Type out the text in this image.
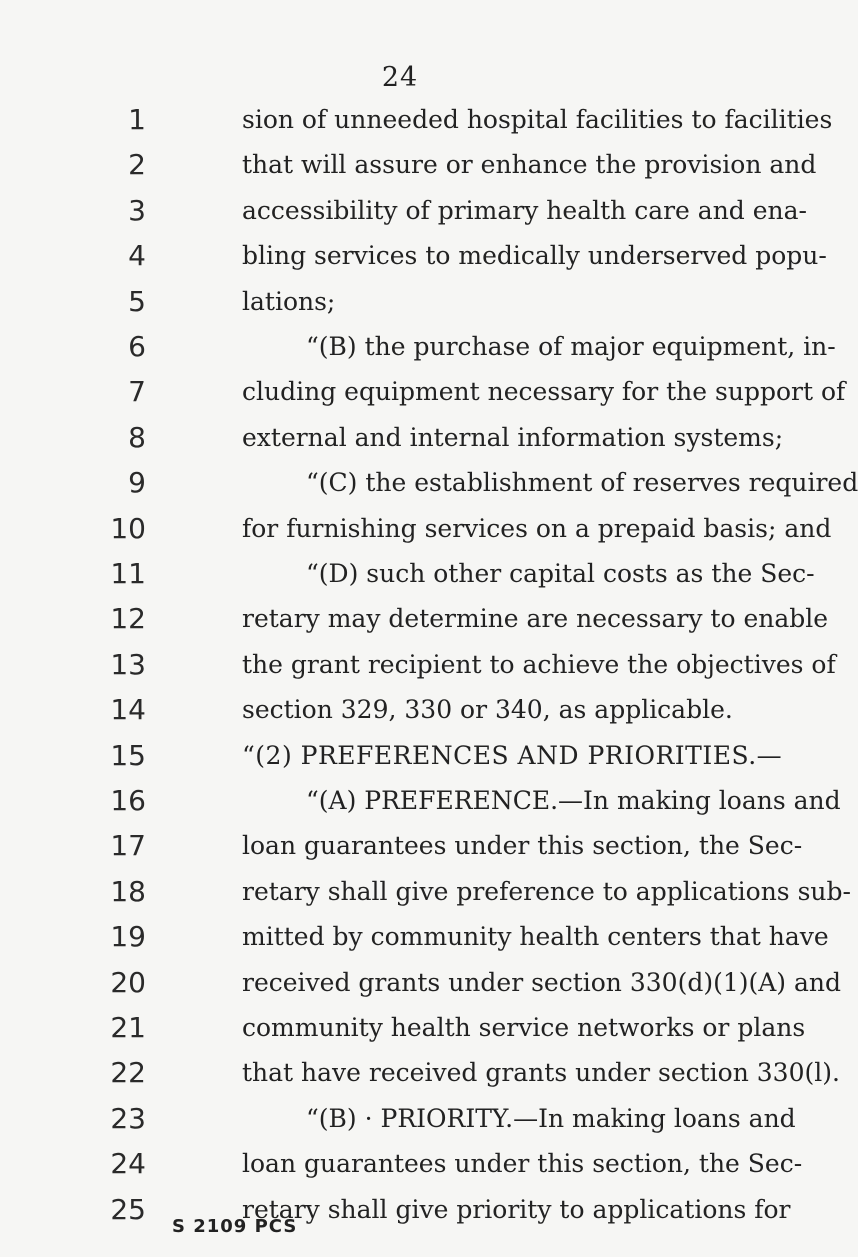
24
1
2
3
4
5
6
7
8
9
10
11
12
13
14
15
16
17
18
19
20
21
22
23
24
25
sion of unneeded hospital facilities to facilities
that will assure or enhance the provision and
accessibility of primary health care and ena-
bling services to medically underserved popu-
lations;
“(B) the purchase of major equipment, in-
cluding equipment necessary for the support of
external and internal information systems;
“(C) the establishment of reserves required
for furnishing services on a prepaid basis; and
“(D) such other capital costs as the Sec-
retary may determine are necessary to enable
the grant recipient to achieve the objectives of
section 329, 330 or 340, as applicable.
“(2) PREFERENCES AND PRIORITIES.—
“(A) PREFERENCE.—In making loans and
loan guarantees under this section, the Sec-
retary shall give preference to applications sub-
mitted by community health centers that have
received grants under section 330(d)(1)(A) and
community health service networks or plans
that have received grants under section 330(l).
“(B) · PRIORITY.—In making loans and
loan guarantees under this section, the Sec-
retary shall give priority to applications for
S 2109 PCS
